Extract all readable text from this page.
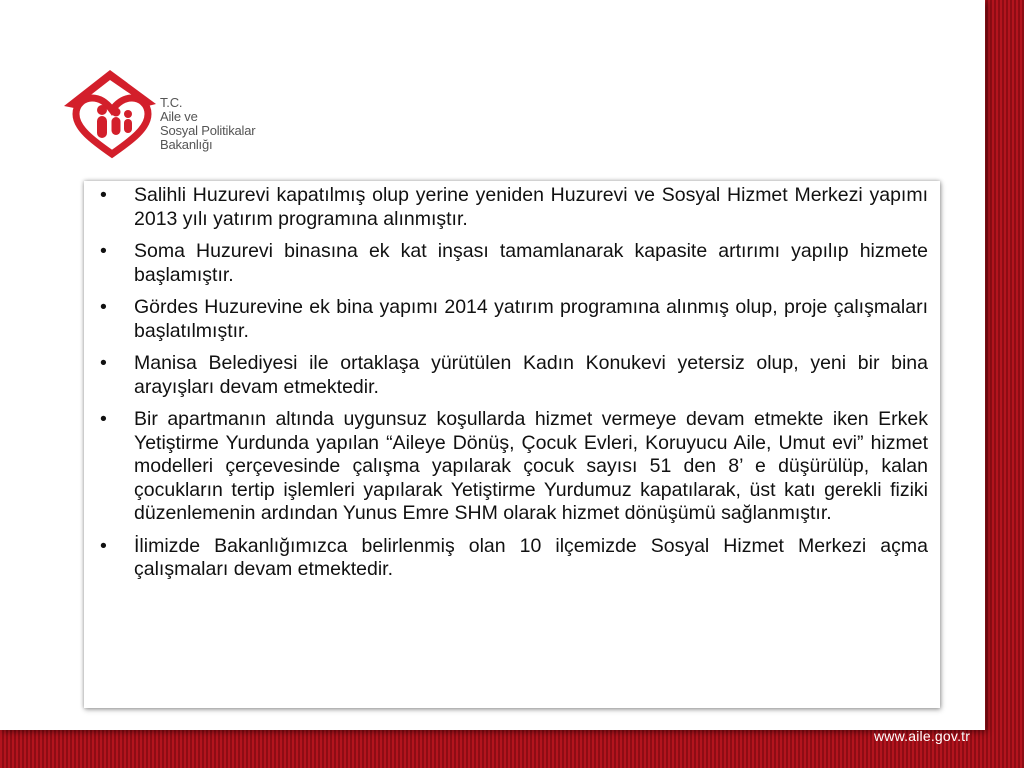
T.C.
Aile ve
Sosyal Politikalar
Bakanlığı
• Salihli Huzurevi kapatılmış olup yerine yeniden Huzurevi ve Sosyal Hizmet Merkezi yapımı 2013 yılı yatırım programına alınmıştır.
• Soma Huzurevi binasına ek kat inşası tamamlanarak kapasite artırımı yapılıp hizmete başlamıştır.
• Gördes Huzurevine ek bina yapımı 2014 yatırım programına alınmış olup, proje çalışmaları başlatılmıştır.
• Manisa Belediyesi ile ortaklaşa yürütülen Kadın Konukevi yetersiz olup, yeni bir bina arayışları devam etmektedir.
• Bir apartmanın altında uygunsuz koşullarda hizmet vermeye devam etmekte iken Erkek Yetiştirme Yurdunda yapılan “Aileye Dönüş, Çocuk Evleri, Koruyucu Aile, Umut evi” hizmet modelleri çerçevesinde çalışma yapılarak çocuk sayısı 51 den 8’ e düşürülüp, kalan çocukların tertip işlemleri yapılarak Yetiştirme Yurdumuz kapatılarak, üst katı gerekli fiziki düzenlemenin ardından Yunus Emre SHM olarak hizmet dönüşümü sağlanmıştır.
• İlimizde Bakanlığımızca belirlenmiş olan 10 ilçemizde Sosyal Hizmet Merkezi açma çalışmaları devam etmektedir.
www.aile.gov.tr
